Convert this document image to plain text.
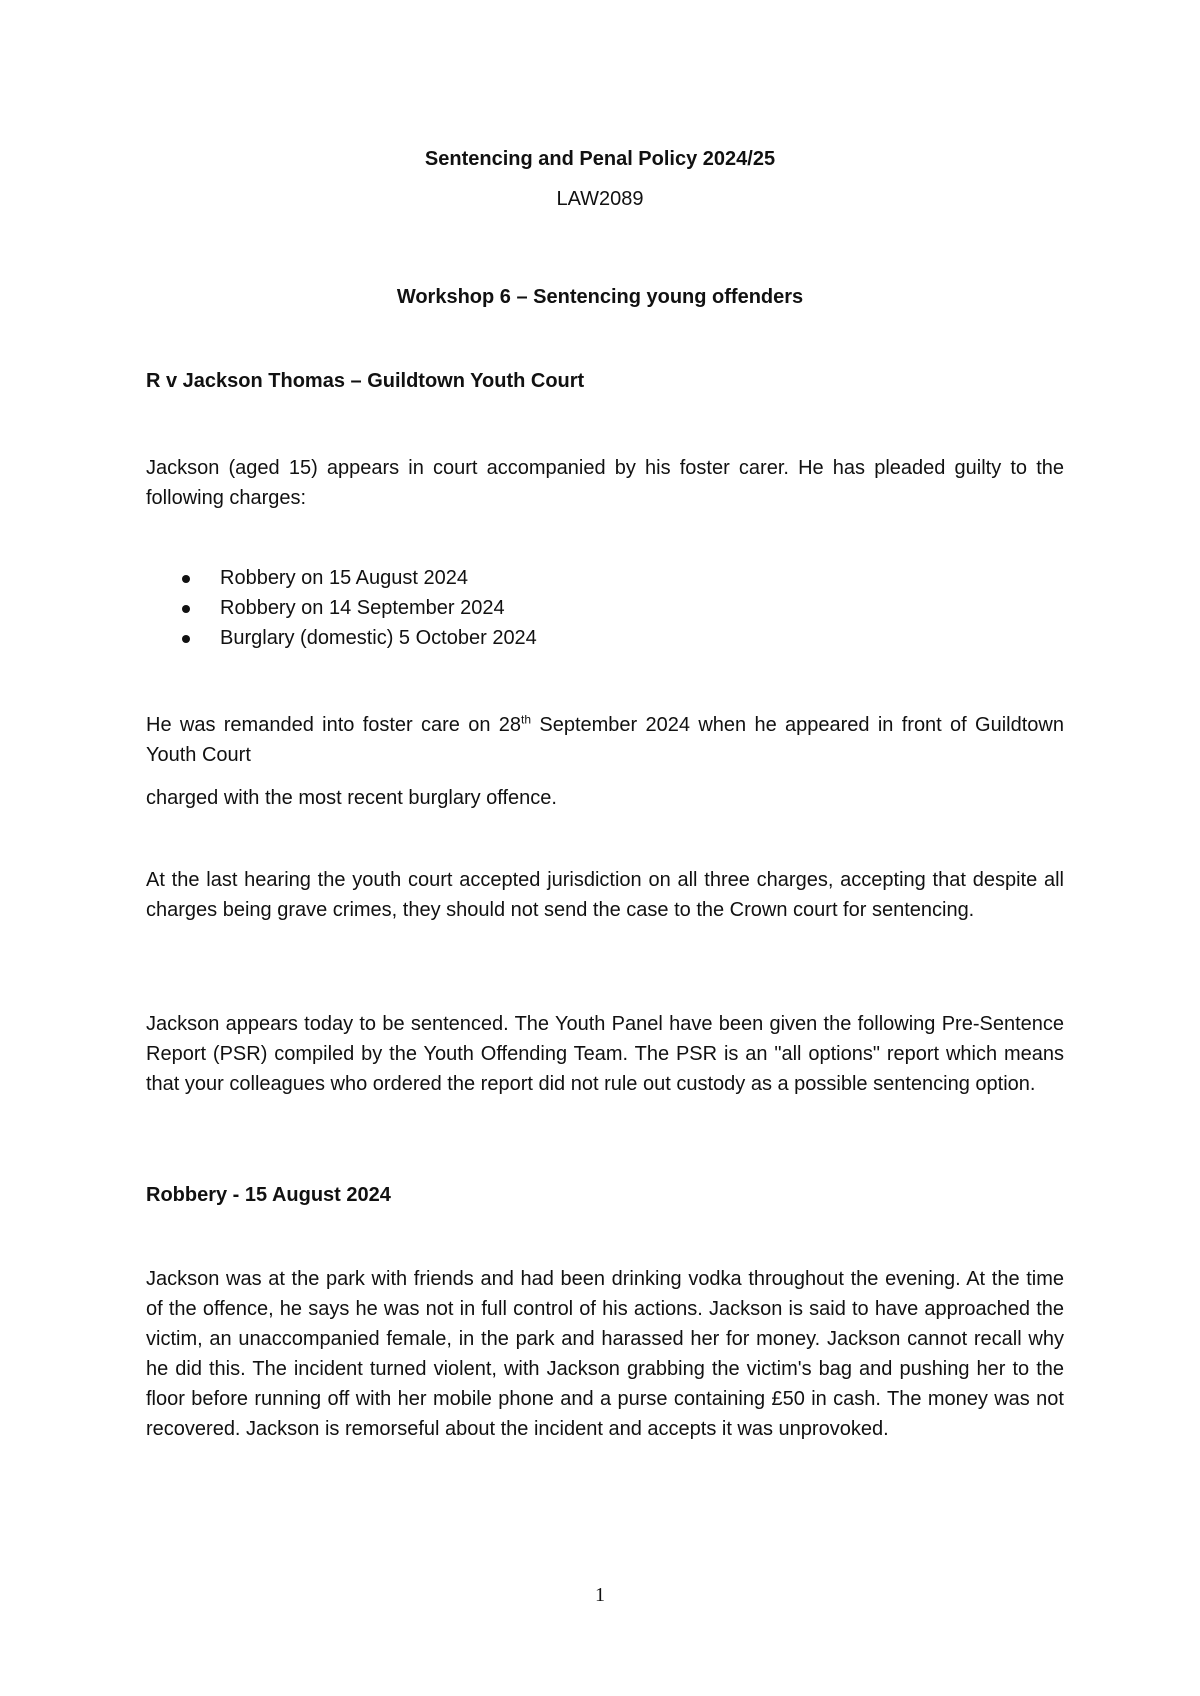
Sentencing and Penal Policy 2024/25
LAW2089
Workshop 6 – Sentencing young offenders
R v Jackson Thomas – Guildtown Youth Court
Jackson (aged 15) appears in court accompanied by his foster carer. He has pleaded guilty to the following charges:
Robbery on 15 August 2024
Robbery on 14 September 2024
Burglary (domestic) 5 October 2024
He was remanded into foster care on 28th September 2024 when he appeared in front of Guildtown Youth Court
charged with the most recent burglary offence.
At the last hearing the youth court accepted jurisdiction on all three charges, accepting that despite all charges being grave crimes, they should not send the case to the Crown court for sentencing.
Jackson appears today to be sentenced. The Youth Panel have been given the following Pre-Sentence Report (PSR) compiled by the Youth Offending Team. The PSR is an "all options" report which means that your colleagues who ordered the report did not rule out custody as a possible sentencing option.
Robbery - 15 August 2024
Jackson was at the park with friends and had been drinking vodka throughout the evening. At the time of the offence, he says he was not in full control of his actions. Jackson is said to have approached the victim, an unaccompanied female, in the park and harassed her for money. Jackson cannot recall why he did this. The incident turned violent, with Jackson grabbing the victim's bag and pushing her to the floor before running off with her mobile phone and a purse containing £50 in cash. The money was not recovered. Jackson is remorseful about the incident and accepts it was unprovoked.
1
